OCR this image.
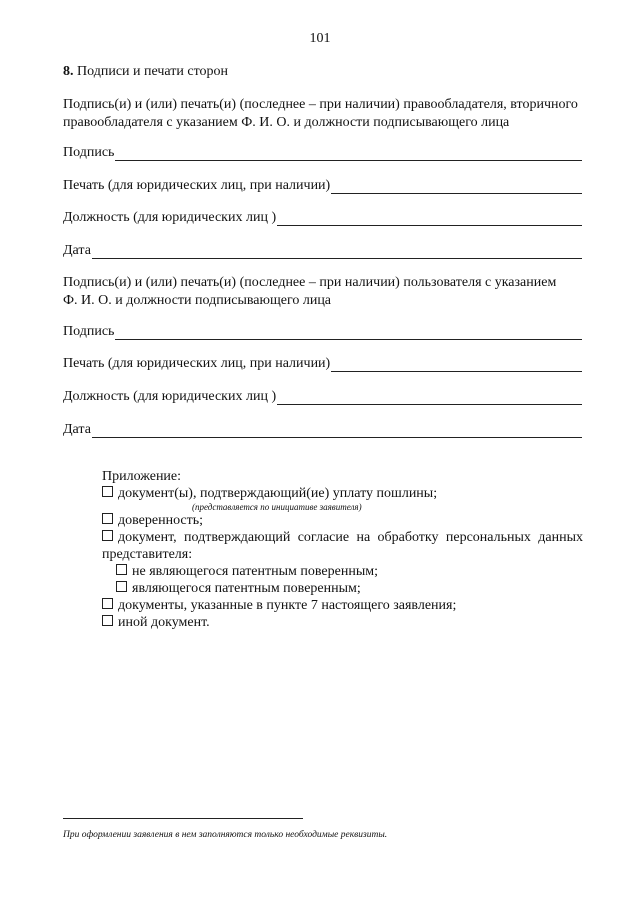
101
8. Подписи и печати сторон
Подпись(и) и (или) печать(и) (последнее – при наличии) правообладателя, вторичного
правообладателя с указанием Ф. И. О. и должности подписывающего лица
Подпись
Печать (для юридических лиц, при наличии)
Должность (для юридических лиц )
Дата
Подпись(и) и (или) печать(и) (последнее – при наличии) пользователя с указанием
Ф. И. О. и должности подписывающего лица
Подпись
Печать (для юридических лиц, при наличии)
Должность (для юридических лиц )
Дата
Приложение:
документ(ы), подтверждающий(ие) уплату пошлины;
(представляется по инициативе заявителя)
доверенность;
документ, подтверждающий согласие на обработку персональных данных
представителя:
не являющегося патентным поверенным;
являющегося патентным поверенным;
документы, указанные в пункте 7 настоящего заявления;
иной документ.
При оформлении заявления в нем заполняются только необходимые реквизиты.
